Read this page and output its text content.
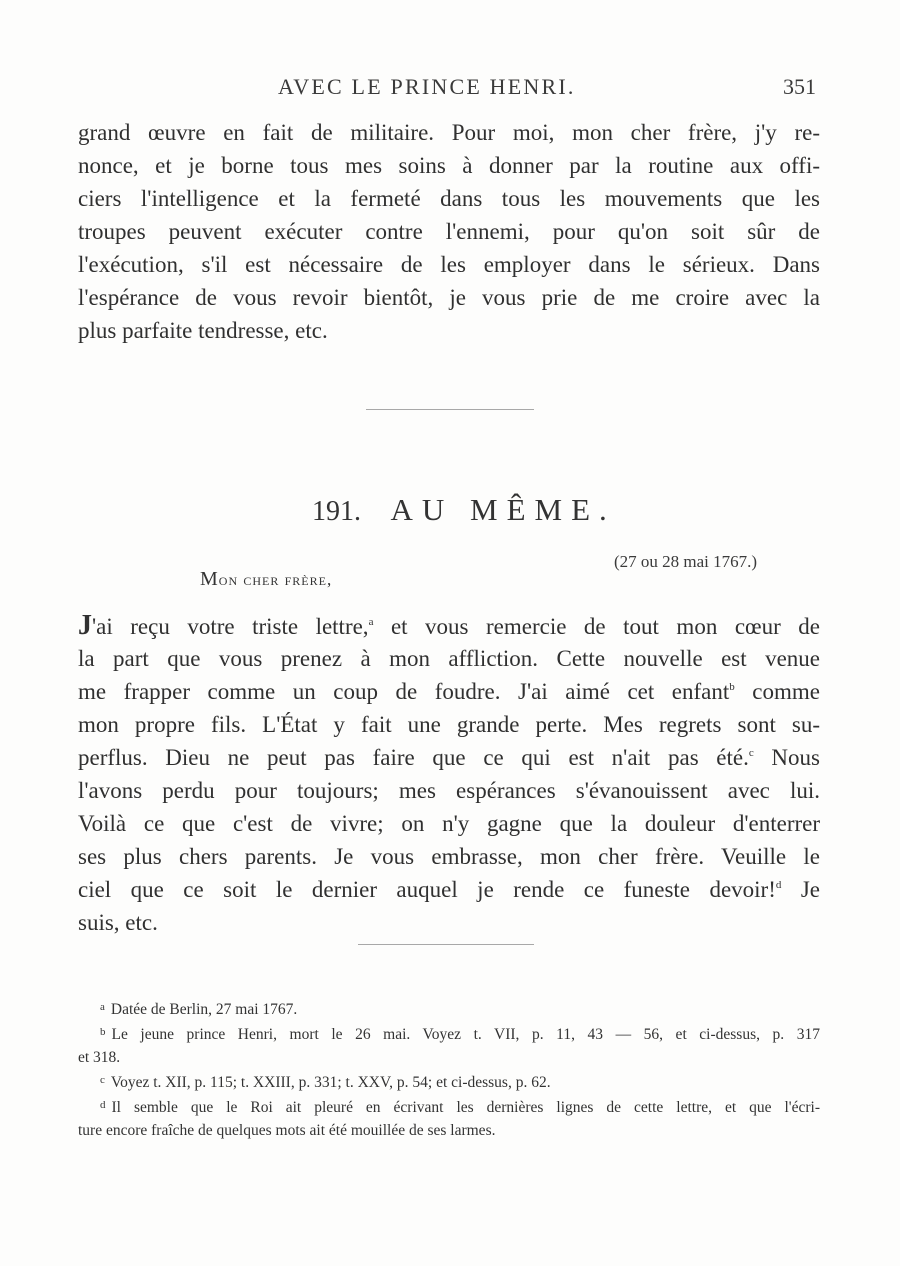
AVEC LE PRINCE HENRI.	351
grand œuvre en fait de militaire. Pour moi, mon cher frère, j'y re-
nonce, et je borne tous mes soins à donner par la routine aux offi-
ciers l'intelligence et la fermeté dans tous les mouvements que les
troupes peuvent exécuter contre l'ennemi, pour qu'on soit sûr de
l'exécution, s'il est nécessaire de les employer dans le sérieux. Dans
l'espérance de vous revoir bientôt, je vous prie de me croire avec la
plus parfaite tendresse, etc.
191. AU MÊME.
(27 ou 28 mai 1767.)
Mon cher frère,
J'ai reçu votre triste lettre,$^a$ et vous remercie de tout mon cœur de
la part que vous prenez à mon affliction. Cette nouvelle est venue
me frapper comme un coup de foudre. J'ai aimé cet enfant$^b$ comme
mon propre fils. L'État y fait une grande perte. Mes regrets sont su-
perflus. Dieu ne peut pas faire que ce qui est n'ait pas été.$^c$ Nous
l'avons perdu pour toujours; mes espérances s'évanouissent avec lui.
Voilà ce que c'est de vivre; on n'y gagne que la douleur d'enterrer
ses plus chers parents. Je vous embrasse, mon cher frère. Veuille le
ciel que ce soit le dernier auquel je rende ce funeste devoir!$^d$ Je
suis, etc.
$^a$ Datée de Berlin, 27 mai 1767.
$^b$ Le jeune prince Henri, mort le 26 mai. Voyez t. VII, p. 11, 43 — 56, et ci-dessus, p. 317
et 318.
$^c$ Voyez t. XII, p. 115; t. XXIII, p. 331; t. XXV, p. 54; et ci-dessus, p. 62.
$^d$ Il semble que le Roi ait pleuré en écrivant les dernières lignes de cette lettre, et que l'écri-
ture encore fraîche de quelques mots ait été mouillée de ses larmes.
